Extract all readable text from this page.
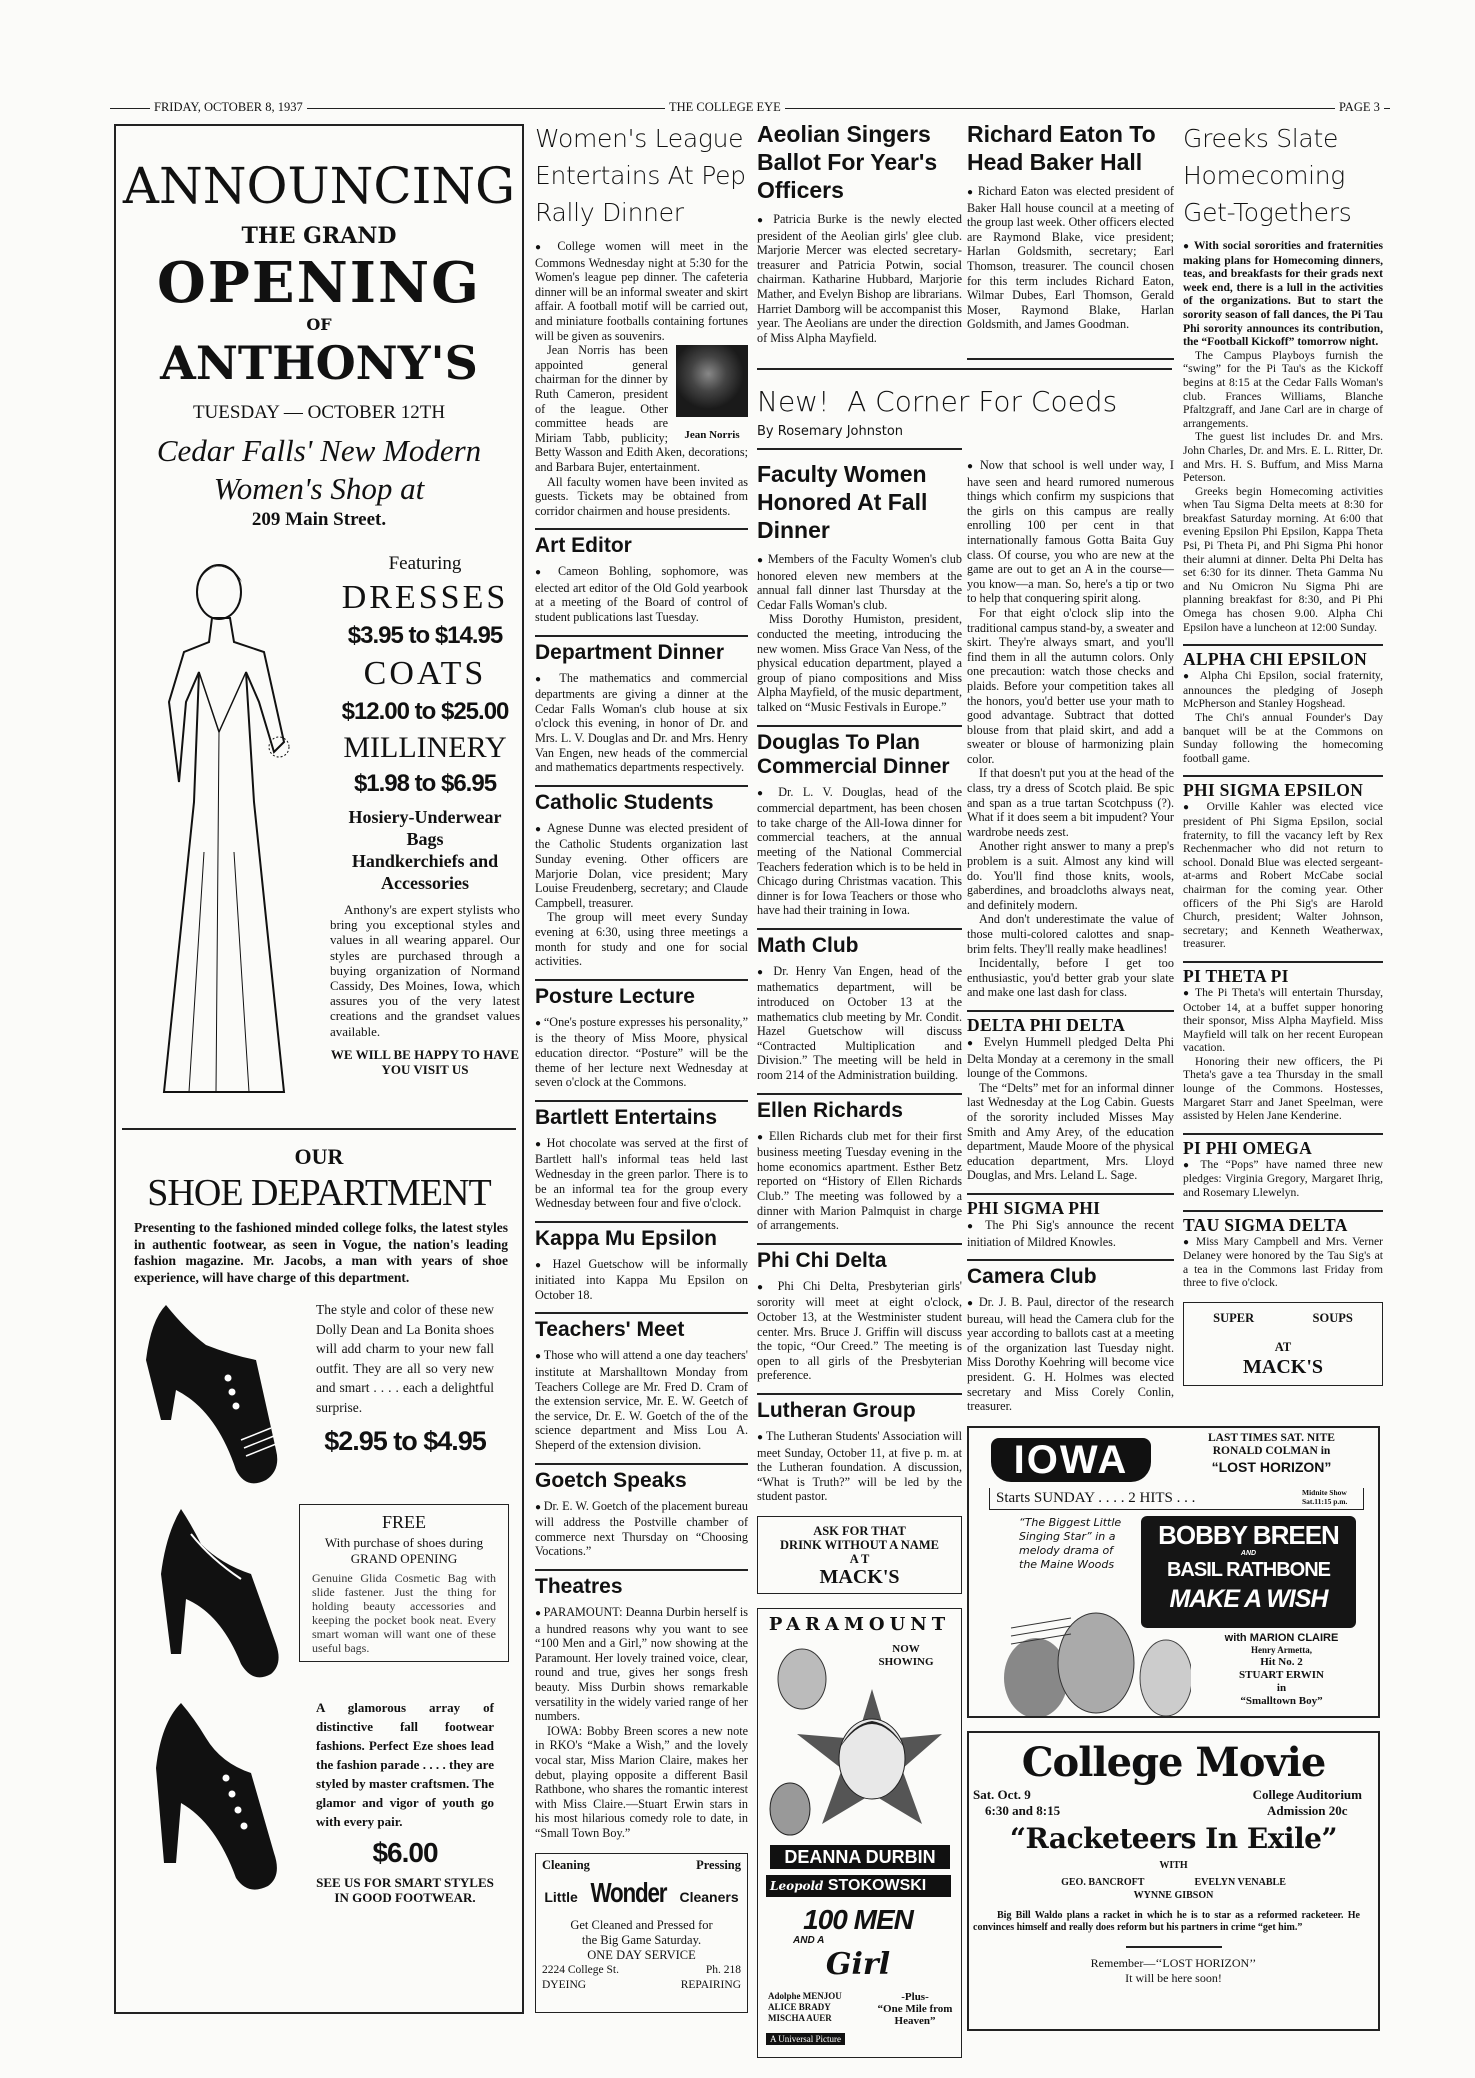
FRIDAY, OCTOBER 8, 1937	THE COLLEGE EYE	PAGE 3
ANNOUNCING
THE GRAND
OPENING
OF
ANTHONY'S
TUESDAY — OCTOBER 12TH
Cedar Falls' New Modern
Women's Shop at
209 Main Street.
Featuring
DRESSES
$3.95 to $14.95
COATS
$12.00 to $25.00
MILLINERY
$1.98 to $6.95
Hosiery-Underwear
Bags
Handkerchiefs and Accessories
Anthony's are expert stylists who bring you exceptional styles and values in all wearing apparel. Our styles are purchased through a buying organization of Normand Cassidy, Des Moines, Iowa, which assures you of the very latest creations and the grandset values available.
WE WILL BE HAPPY TO HAVE YOU VISIT US
OUR
SHOE DEPARTMENT
Presenting to the fashioned minded college folks, the latest styles in authentic footwear, as seen in Vogue, the nation's leading fashion magazine. Mr. Jacobs, a man with years of shoe experience, will have charge of this department.
The style and color of these new Dolly Dean and La Bonita shoes will add charm to your new fall outfit. They are all so very new and smart . . . . each a delightful surprise.
$2.95 to $4.95
FREE
With purchase of shoes during GRAND OPENING
Genuine Glida Cosmetic Bag with slide fastener. Just the thing for holding beauty accessories and keeping the pocket book neat. Every smart woman will want one of these useful bags.
A glamorous array of distinctive fall footwear fashions. Perfect Eze shoes lead the fashion parade . . . . they are styled by master craftsmen. The glamor and vigor of youth go with every pair.
$6.00
SEE US FOR SMART STYLES IN GOOD FOOTWEAR.
Women's League Entertains At Pep Rally Dinner

● College women will meet in the Commons Wednesday night at 5:30 for the Women's league pep dinner. The cafeteria dinner will be an informal sweater and skirt affair. A football motif will be carried out, and miniature footballs containing fortunes will be given as souvenirs.

Jean Norris

Jean Norris has been appointed general chairman for the dinner by Ruth Cameron, president of the league. Other committee heads are Miriam Tabb, publicity; Betty Wasson and Edith Aken, decorations; and Barbara Bujer, entertainment.

All faculty women have been invited as guests. Tickets may be obtained from corridor chairmen and house presidents.

Art Editor

● Cameon Bohling, sophomore, was elected art editor of the Old Gold yearbook at a meeting of the Board of control of student publications last Tuesday.

Department Dinner

● The mathematics and commercial departments are giving a dinner at the Cedar Falls Woman's club house at six o'clock this evening, in honor of Dr. and Mrs. L. V. Douglas and Dr. and Mrs. Henry Van Engen, new heads of the commercial and mathematics departments respectively.

Catholic Students

● Agnese Dunne was elected president of the Catholic Students organization last Sunday evening. Other officers are Marjorie Dolan, vice president; Mary Louise Freudenberg, secretary; and Claude Campbell, treasurer.

The group will meet every Sunday evening at 6:30, using three meetings a month for study and one for social activities.

Posture Lecture

● “One's posture expresses his personality,” is the theory of Miss Moore, physical education director. “Posture” will be the theme of her lecture next Wednesday at seven o'clock at the Commons.

Bartlett Entertains

● Hot chocolate was served at the first of Bartlett hall's informal teas held last Wednesday in the green parlor. There is to be an informal tea for the group every Wednesday between four and five o'clock.

Kappa Mu Epsilon

● Hazel Guetschow will be informally initiated into Kappa Mu Epsilon on October 18.

Teachers' Meet

● Those who will attend a one day teachers' institute at Marshalltown Monday from Teachers College are Mr. Fred D. Cram of the extension service, Mr. E. W. Geetch of the service, Dr. E. W. Goetch of the of the science department and Miss Lou A. Sheperd of the extension division.

Goetch Speaks

● Dr. E. W. Goetch of the placement bureau will address the Postville chamber of commerce next Thursday on “Choosing Vocations.”

Theatres

● PARAMOUNT: Deanna Durbin herself is a hundred reasons why you want to see “100 Men and a Girl,” now showing at the Paramount. Her lovely trained voice, clear, round and true, gives her songs fresh beauty. Miss Durbin shows remarkable versatility in the widely varied range of her numbers.

IOWA: Bobby Breen scores a new note in RKO's “Make a Wish,” and the lovely vocal star, Miss Marion Claire, makes her debut, playing opposite a different Basil Rathbone, who shares the romantic interest with Miss Claire.—Stuart Erwin stars in his most hilarious comedy role to date, in “Small Town Boy.”

Cleaning	Pressing
Little Wonder Cleaners
Get Cleaned and Pressed for the Big Game Saturday.
ONE DAY SERVICE
2224 College St.	Ph. 218
DYEING	REPAIRING
Aeolian Singers Ballot For Year's Officers

● Patricia Burke is the newly elected president of the Aeolian girls' glee club. Marjorie Mercer was elected secretary-treasurer and Patricia Potwin, social chairman. Katharine Hubbard, Marjorie Mather, and Evelyn Bishop are librarians. Harriet Damborg will be accompanist this year. The Aeolians are under the direction of Miss Alpha Mayfield.

New!  A Corner For Coeds
By Rosemary Johnston
Faculty Women Honored At Fall Dinner

● Members of the Faculty Women's club honored eleven new members at the annual fall dinner last Thursday at the Cedar Falls Woman's club.

Miss Dorothy Humiston, president, conducted the meeting, introducing the new women. Miss Grace Van Ness, of the physical education department, played a group of piano compositions and Miss Alpha Mayfield, of the music department, talked on “Music Festivals in Europe.”

Douglas To Plan Commercial Dinner

● Dr. L. V. Douglas, head of the commercial department, has been chosen to take charge of the All-Iowa dinner for commercial teachers, at the annual meeting of the National Commercial Teachers federation which is to be held in Chicago during Christmas vacation. This dinner is for Iowa Teachers or those who have had their training in Iowa.

Math Club

● Dr. Henry Van Engen, head of the mathematics department, will be introduced on October 13 at the mathematics club meeting by Mr. Condit. Hazel Guetschow will discuss “Contracted Multiplication and Division.” The meeting will be held in room 214 of the Administration building.

Ellen Richards

● Ellen Richards club met for their first business meeting Tuesday evening in the home economics apartment. Esther Betz reported on “History of Ellen Richards Club.” The meeting was followed by a dinner with Marion Palmquist in charge of arrangements.

Phi Chi Delta

● Phi Chi Delta, Presbyterian girls' sorority will meet at eight o'clock, October 13, at the Westminister student center. Mrs. Bruce J. Griffin will discuss the topic, “Our Creed.” The meeting is open to all girls of the Presbyterian preference.

Lutheran Group

● The Lutheran Students' Association will meet Sunday, October 11, at five p. m. at the Lutheran foundation. A discussion, “What is Truth?” will be led by the student pastor.

ASK FOR THAT
DRINK WITHOUT A NAME
A T
MACK'S
PARAMOUNT
NOW SHOWING
DEANNA DURBIN
Leopold STOKOWSKI
100 MEN
AND A
Girl
Adolphe MENJOU
ALICE BRADY
MISCHA AUER
-Plus-
“One Mile from Heaven”
A Universal Picture
Richard Eaton To Head Baker Hall

● Richard Eaton was elected president of Baker Hall house council at a meeting of the group last week. Other officers elected are Raymond Blake, vice president; Harlan Goldsmith, secretary; Earl Thomson, treasurer. The council chosen for this term includes Richard Eaton, Wilmar Dubes, Earl Thomson, Gerald Moser, Raymond Blake, Harlan Goldsmith, and James Goodman.

● Now that school is well under way, I have seen and heard rumored numerous things which confirm my suspicions that the girls on this campus are really enrolling 100 per cent in that internationally famous Gotta Baita Guy class. Of course, you who are new at the game are out to get an A in the course—you know—a man. So, here's a tip or two to help that conquering spirit along.

For that eight o'clock slip into the traditional campus stand-by, a sweater and skirt. They're always smart, and you'll find them in all the autumn colors. Only one precaution: watch those checks and plaids. Before your competition takes all the honors, you'd better use your math to good advantage. Subtract that dotted blouse from that plaid skirt, and add a sweater or blouse of harmonizing plain color.

If that doesn't put you at the head of the class, try a dress of Scotch plaid. Be spic and span as a true tartan Scotchpuss (?). What if it does seem a bit impudent? Your wardrobe needs zest.

Another right answer to many a prep's problem is a suit. Almost any kind will do. You'll find those knits, wools, gaberdines, and broadcloths always neat, and definitely modern.

And don't underestimate the value of those multi-colored calottes and snap-brim felts. They'll really make headlines!

Incidentally, before I get too enthusiastic, you'd better grab your slate and make one last dash for class.

DELTA PHI DELTA

● Evelyn Hummell pledged Delta Phi Delta Monday at a ceremony in the small lounge of the Commons.

The “Delts” met for an informal dinner last Wednesday at the Log Cabin. Guests of the sorority included Misses May Smith and Amy Arey, of the education department, Maude Moore of the physical education department, Mrs. Lloyd Douglas, and Mrs. Leland L. Sage.

PHI SIGMA PHI

● The Phi Sig's announce the recent initiation of Mildred Knowles.

Camera Club

● Dr. J. B. Paul, director of the research bureau, will head the Camera club for the year according to ballots cast at a meeting of the organization last Tuesday night. Miss Dorothy Koehring will become vice president. G. H. Holmes was elected secretary and Miss Corely Conlin, treasurer.

Greeks Slate Homecoming Get-Togethers

● With social sororities and fraternities making plans for Homecoming dinners, teas, and breakfasts for their grads next week end, there is a lull in the activities of the organizations. But to start the sorority season of fall dances, the Pi Tau Phi sorority announces its contribution, the “Football Kickoff” tomorrow night.

The Campus Playboys furnish the “swing” for the Pi Tau's as the Kickoff begins at 8:15 at the Cedar Falls Woman's club. Frances Williams, Blanche Pfaltzgraff, and Jane Carl are in charge of arrangements.

The guest list includes Dr. and Mrs. John Charles, Dr. and Mrs. E. L. Ritter, Dr. and Mrs. H. S. Buffum, and Miss Marna Peterson.

Greeks begin Homecoming activities when Tau Sigma Delta meets at 8:30 for breakfast Saturday morning. At 6:00 that evening Epsilon Phi Epsilon, Kappa Theta Psi, Pi Theta Pi, and Phi Sigma Phi honor their alumni at dinner. Delta Phi Delta has set 6:30 for its dinner. Theta Gamma Nu and Nu Omicron Nu Sigma Phi are planning breakfast for 8:30, and Pi Phi Omega has chosen 9.00. Alpha Chi Epsilon have a luncheon at 12:00 Sunday.

ALPHA CHI EPSILON

● Alpha Chi Epsilon, social fraternity, announces the pledging of Joseph McPherson and Stanley Hogshead.

The Chi's annual Founder's Day banquet will be at the Commons on Sunday following the homecoming football game.

PHI SIGMA EPSILON

● Orville Kahler was elected vice president of Phi Sigma Epsilon, social fraternity, to fill the vacancy left by Rex Rechenmacher who did not return to school. Donald Blue was elected sergeant-at-arms and Robert McCabe social chairman for the coming year. Other officers of the Phi Sig's are Harold Church, president; Walter Johnson, secretary; and Kenneth Weatherwax, treasurer.

PI THETA PI

● The Pi Theta's will entertain Thursday, October 14, at a buffet supper honoring their sponsor, Miss Alpha Mayfield. Miss Mayfield will talk on her recent European vacation.

Honoring their new officers, the Pi Theta's gave a tea Thursday in the small lounge of the Commons. Hostesses, Margaret Starr and Janet Speelman, were assisted by Helen Jane Kenderine.

PI PHI OMEGA

● The “Pops” have named three new pledges: Virginia Gregory, Margaret Ihrig, and Rosemary Llewelyn.

TAU SIGMA DELTA

● Miss Mary Campbell and Mrs. Verner Delaney were honored by the Tau Sig's at a tea in the Commons last Friday from three to five o'clock.

SUPER	SOUPS
AT
MACK'S
IOWA	LAST TIMES SAT. NITE
RONALD COLMAN in
“LOST HORIZON”
Starts SUNDAY . . . . 2 HITS . . .	Midnite Show Sat.11:15 p.m.
“The Biggest Little Singing Star” in a melody drama of the Maine Woods
BOBBY BREEN
AND
BASIL RATHBONE
MAKE A WISH
with MARION CLAIRE
Henry Armetta,
Hit No. 2
STUART ERWIN
in
“Smalltown Boy”
College Movie
Sat. Oct. 9
6:30 and 8:15
College Auditorium
Admission 20c
“Racketeers In Exile”
WITH
GEO. BANCROFT	EVELYN VENABLE
WYNNE GIBSON
Big Bill Waldo plans a racket in which he is to star as a reformed racketeer. He convinces himself and really does reform but his partners in crime “get him.”
Remember—‘‘LOST HORIZON’’
It will be here soon!
